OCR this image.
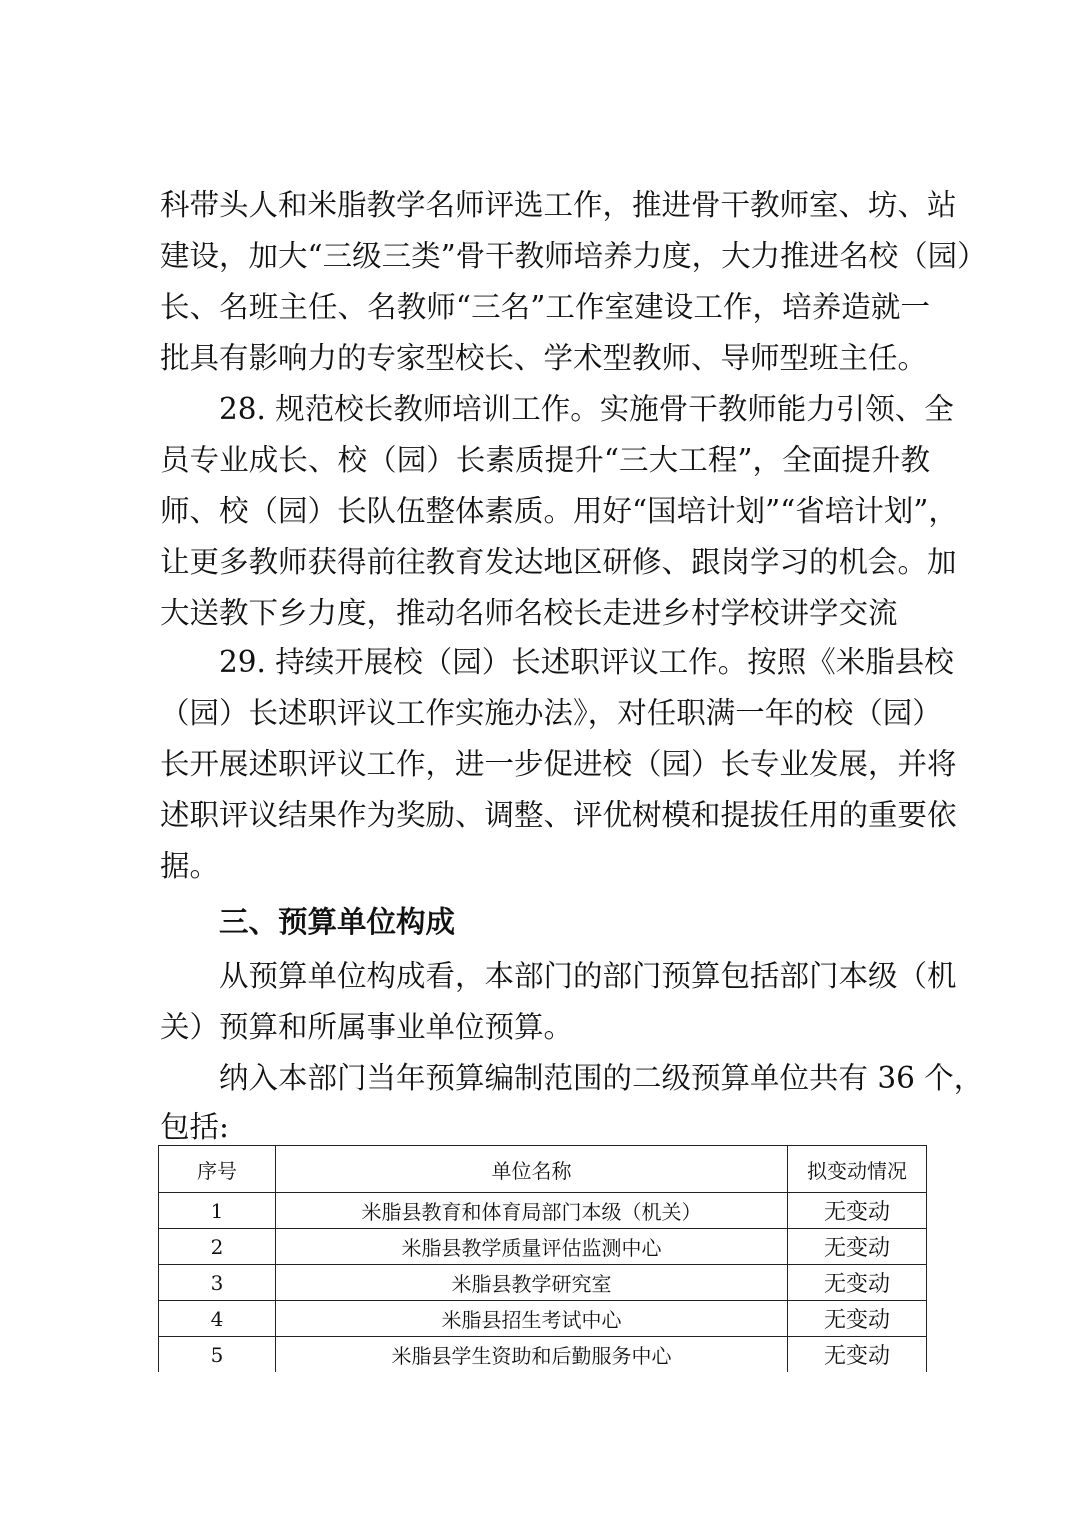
科带头人和米脂教学名师评选工作，推进骨干教师室、坊、站
建设，加大“三级三类”骨干教师培养力度，大力推进名校（园）
长、名班主任、名教师“三名”工作室建设工作，培养造就一
批具有影响力的专家型校长、学术型教师、导师型班主任。
28. 规范校长教师培训工作。实施骨干教师能力引领、全
员专业成长、校（园）长素质提升“三大工程”，全面提升教
师、校（园）长队伍整体素质。用好“国培计划”“省培计划”，
让更多教师获得前往教育发达地区研修、跟岗学习的机会。加
大送教下乡力度，推动名师名校长走进乡村学校讲学交流
29. 持续开展校（园）长述职评议工作。按照《米脂县校
（园）长述职评议工作实施办法》，对任职满一年的校（园）
长开展述职评议工作，进一步促进校（园）长专业发展，并将
述职评议结果作为奖励、调整、评优树模和提拔任用的重要依
据。
三、预算单位构成
从预算单位构成看，本部门的部门预算包括部门本级（机
关）预算和所属事业单位预算。
纳入本部门当年预算编制范围的二级预算单位共有 36 个，
包括:
序号	单位名称	拟变动情况
1	米脂县教育和体育局部门本级（机关）	无变动
2	米脂县教学质量评估监测中心	无变动
3	米脂县教学研究室	无变动
4	米脂县招生考试中心	无变动
5	米脂县学生资助和后勤服务中心	无变动
